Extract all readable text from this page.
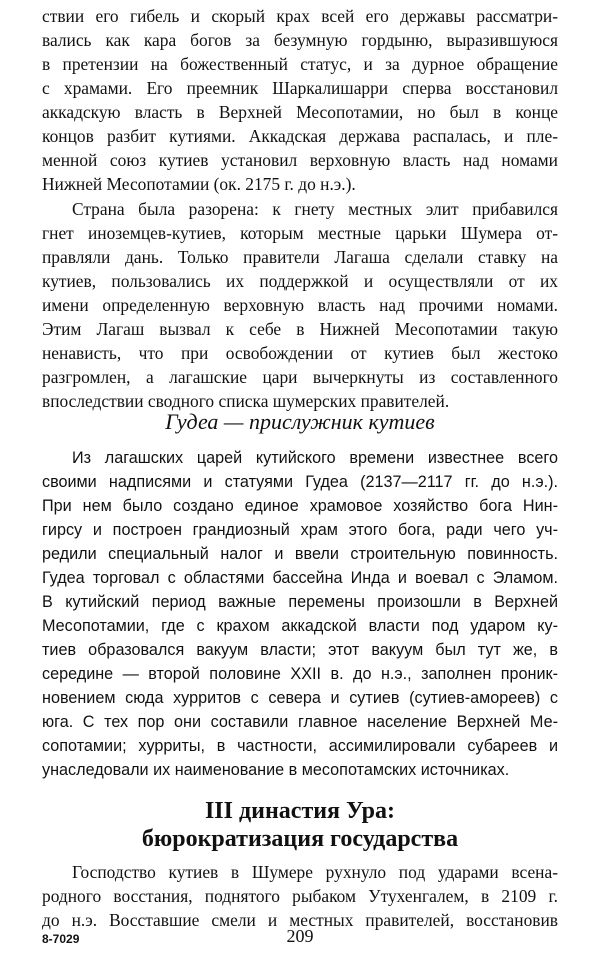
ствии его гибель и скорый крах всей его державы рассматри-
вались как кара богов за безумную гордыню, выразившуюся
в претензии на божественный статус, и за дурное обращение
с храмами. Его преемник Шаркалишарри сперва восстановил
аккадскую власть в Верхней Месопотамии, но был в конце
концов разбит кутиями. Аккадская держава распалась, и пле-
менной союз кутиев установил верховную власть над номами
Нижней Месопотамии (ок. 2175 г. до н.э.).
Страна была разорена: к гнету местных элит прибавился
гнет иноземцев-кутиев, которым местные царьки Шумера от-
правляли дань. Только правители Лагаша сделали ставку на
кутиев, пользовались их поддержкой и осуществляли от их
имени определенную верховную власть над прочими номами.
Этим Лагаш вызвал к себе в Нижней Месопотамии такую
ненависть, что при освобождении от кутиев был жестоко
разгромлен, а лагашские цари вычеркнуты из составленного
впоследствии сводного списка шумерских правителей.
Гудеа — прислужник кутиев
Из лагашских царей кутийского времени известнее всего
своими надписями и статуями Гудеа (2137—2117 гг. до н.э.).
При нем было создано единое храмовое хозяйство бога Нин-
гирсу и построен грандиозный храм этого бога, ради чего уч-
редили специальный налог и ввели строительную повинность.
Гудеа торговал с областями бассейна Инда и воевал с Эламом.
В кутийский период важные перемены произошли в Верхней
Месопотамии, где с крахом аккадской власти под ударом ку-
тиев образовался вакуум власти; этот вакуум был тут же, в
середине — второй половине XXII в. до н.э., заполнен проник-
новением сюда хурритов с севера и сутиев (сутиев-амореев) с
юга. С тех пор они составили главное население Верхней Ме-
сопотамии; хурриты, в частности, ассимилировали субареев и
унаследовали их наименование в месопотамских источниках.
III династия Ура:
бюрократизация государства
Господство кутиев в Шумере рухнуло под ударами всена-
родного восстания, поднятого рыбаком Утухенгалем, в 2109 г.
до н.э. Восставшие смели и местных правителей, восстановив
8-7029	209
